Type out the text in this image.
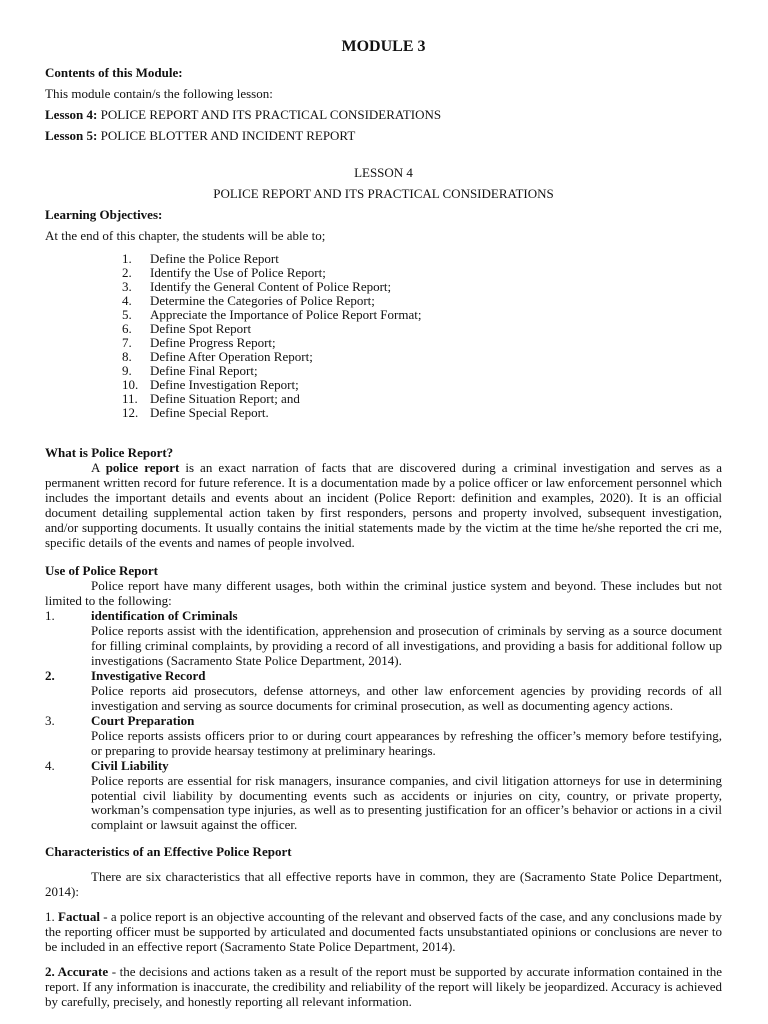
MODULE 3

Contents of this Module:

This module contain/s the following lesson:

Lesson 4: POLICE REPORT AND ITS PRACTICAL CONSIDERATIONS

Lesson 5: POLICE BLOTTER AND INCIDENT REPORT

LESSON 4

POLICE REPORT AND ITS PRACTICAL CONSIDERATIONS

Learning Objectives:

At the end of this chapter, the students will be able to;

1.	Define the Police Report
2.	Identify the Use of Police Report;
3.	Identify the General Content of Police Report;
4.	Determine the Categories of Police Report;
5.	Appreciate the Importance of Police Report Format;
6.	Define Spot Report
7.	Define Progress Report;
8.	Define After Operation Report;
9.	Define Final Report;
10. Define Investigation Report;
11. Define Situation Report; and
12. Define Special Report.

What is Police Report?

A police report is an exact narration of facts that are discovered during a criminal investigation and serves as a permanent written record for future reference. It is a documentation made by a police officer or law enforcement personnel which includes the important details and events about an incident (Police Report: definition and examples, 2020). It is an official document detailing supplemental action taken by first responders, persons and property involved, subsequent investigation, and/or supporting documents. It usually contains the initial statements made by the victim at the time he/she reported the cri me, specific details of the events and names of people involved.

Use of Police Report

Police report have many different usages, both within the criminal justice system and beyond. These includes but not limited to the following:

1.	identification of Criminals

Police reports assist with the identification, apprehension and prosecution of criminals by serving as a source document for filling criminal complaints, by providing a record of all investigations, and providing a basis for additional follow up investigations (Sacramento State Police Department, 2014).

2.	Investigative Record

Police reports aid prosecutors, defense attorneys, and other law enforcement agencies by providing records of all investigation and serving as source documents for criminal prosecution, as well as documenting agency actions.

3.	Court Preparation

Police reports assists officers prior to or during court appearances by refreshing the officer’s memory before testifying, or preparing to provide hearsay testimony at preliminary hearings.

4.	Civil Liability

Police reports are essential for risk managers, insurance companies, and civil litigation attorneys for use in determining potential civil liability by documenting events such as accidents or injuries on city, country, or private property, workman’s compensation type injuries, as well as to presenting justification for an officer’s behavior or actions in a civil complaint or lawsuit against the officer.

Characteristics of an Effective Police Report

There are six characteristics that all effective reports have in common, they are (Sacramento State Police Department, 2014):

1. Factual - a police report is an objective accounting of the relevant and observed facts of the case, and any conclusions made by the reporting officer must be supported by articulated and documented facts unsubstantiated opinions or conclusions are never to be included in an effective report (Sacramento State Police Department, 2014).

2. Accurate - the decisions and actions taken as a result of the report must be supported by accurate information contained in the report. If any information is inaccurate, the credibility and reliability of the report will likely be jeopardized. Accuracy is achieved by carefully, precisely, and honestly reporting all relevant information.
